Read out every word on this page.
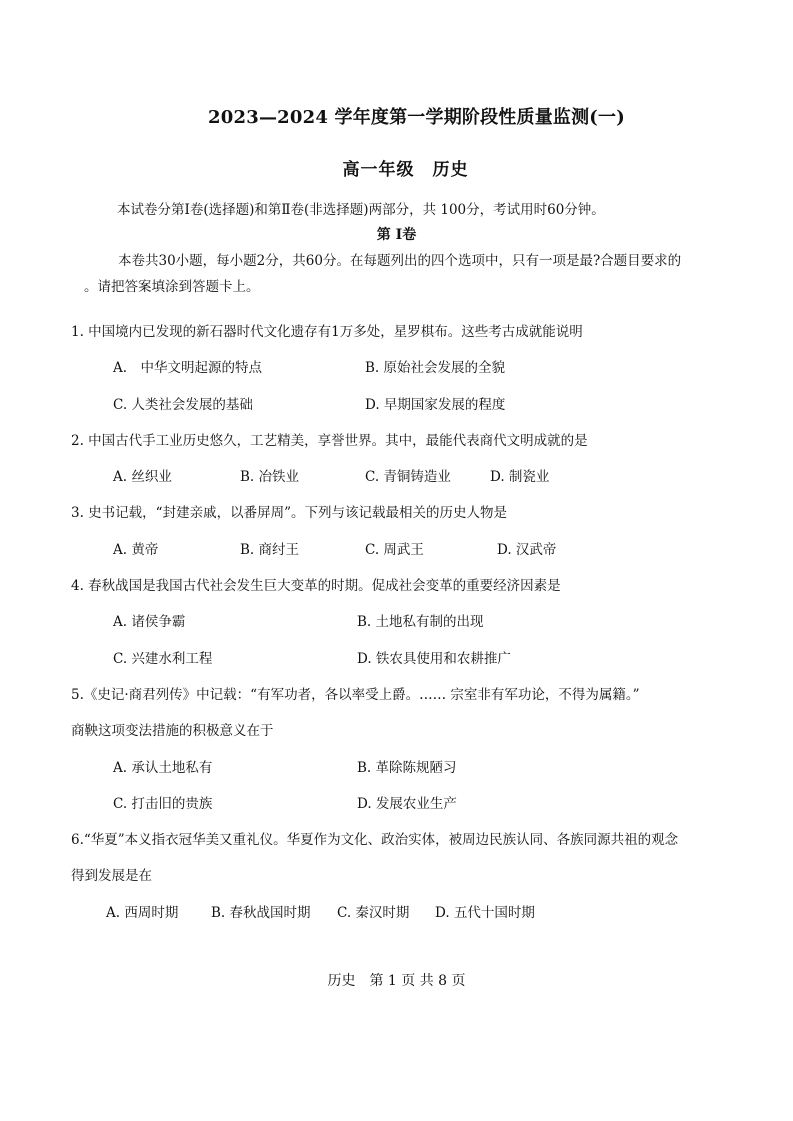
2023—2024 学年度第一学期阶段性质量监测(一)
高一年级　历史
本试卷分第Ⅰ卷(选择题)和第Ⅱ卷(非选择题)两部分，共 100分，考试用时60分钟。
第 Ⅰ卷
本卷共30小题，每小题2分，共60分。在每题列出的四个选项中，只有一项是最?合题目要求的
。请把答案填涂到答题卡上。
1. 中国境内已发现的新石器时代文化遗存有1万多处，星罗棋布。这些考古成就能说明
A.　中华文明起源的特点	B. 原始社会发展的全貌
C. 人类社会发展的基础	D. 早期国家发展的程度
2. 中国古代手工业历史悠久，工艺精美，享誉世界。其中，最能代表商代文明成就的是
A. 丝织业	B. 冶铁业	C. 青铜铸造业	D. 制瓷业
3. 史书记载，“封建亲戚，以番屏周”。下列与该记载最相关的历史人物是
A. 黄帝	B. 商纣王	C. 周武王	D. 汉武帝
4. 春秋战国是我国古代社会发生巨大变革的时期。促成社会变革的重要经济因素是
A. 诸侯争霸	B. 土地私有制的出现
C. 兴建水利工程	D. 铁农具使用和农耕推广
5.《史记·商君列传》中记载：“有军功者，各以率受上爵。…… 宗室非有军功论，不得为属籍。”
商鞅这项变法措施的积极意义在于
A. 承认土地私有	B. 革除陈规陋习
C. 打击旧的贵族	D. 发展农业生产
6.“华夏”本义指衣冠华美又重礼仪。华夏作为文化、政治实体，被周边民族认同、各族同源共祖的观念
得到发展是在
A. 西周时期 B. 春秋战国时期 C. 秦汉时期 D. 五代十国时期
历史　第 1 页 共 8 页
